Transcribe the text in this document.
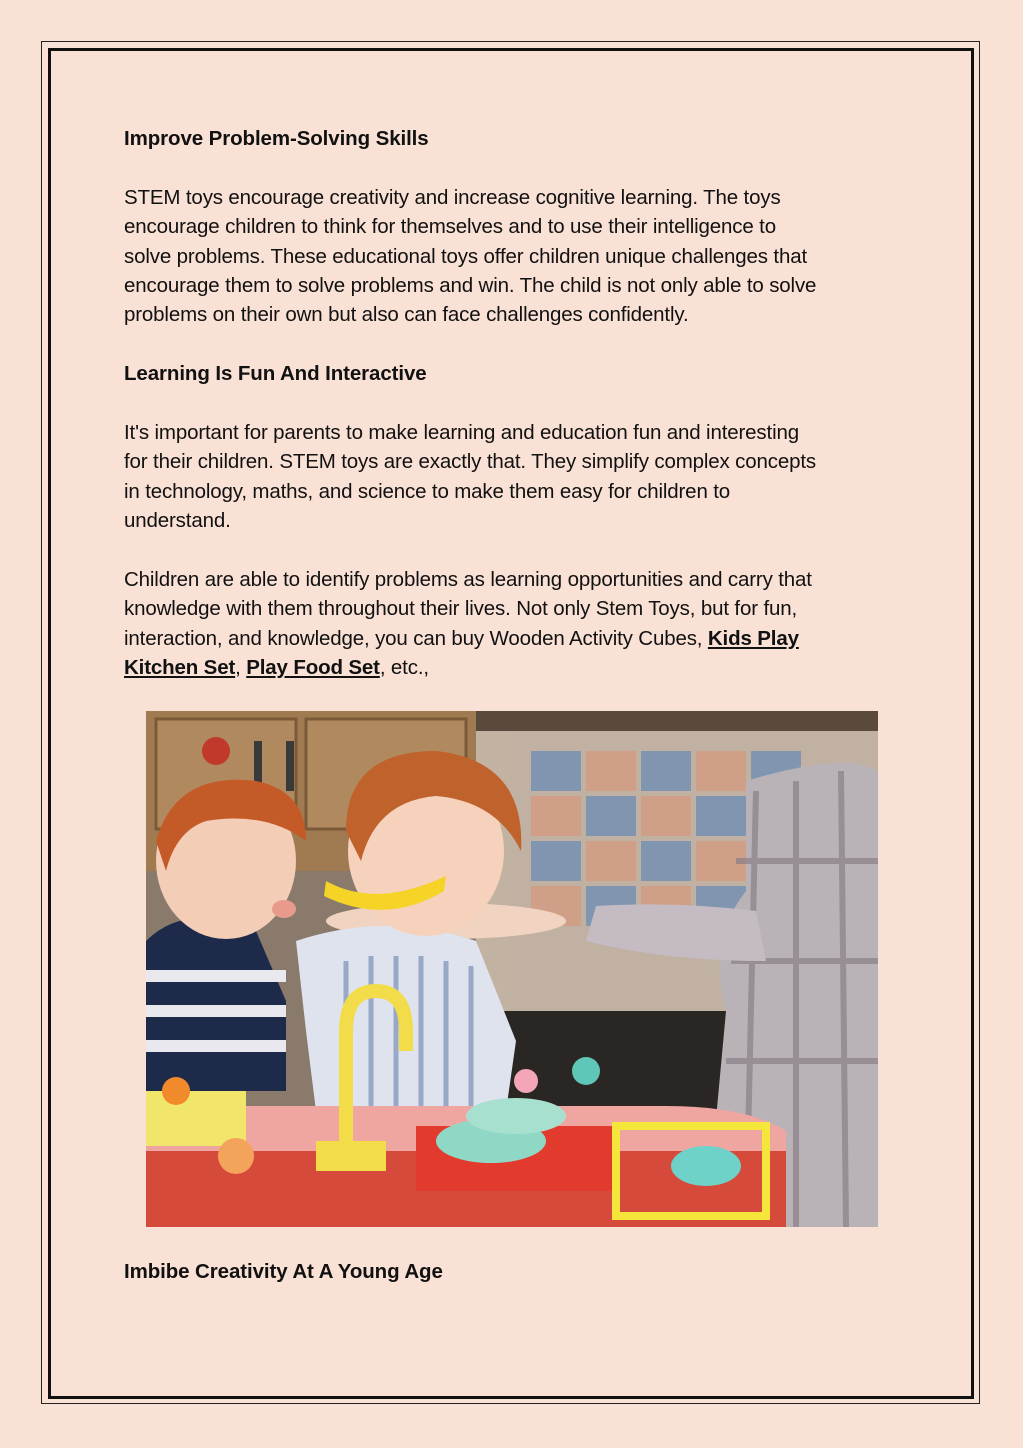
Improve Problem-Solving Skills

STEM toys encourage creativity and increase cognitive learning. The toys

encourage children to think for themselves and to use their intelligence to

solve problems. These educational toys offer children unique challenges that

encourage them to solve problems and win. The child is not only able to solve

problems on their own but also can face challenges confidently.

Learning Is Fun And Interactive

It's important for parents to make learning and education fun and interesting

for their children. STEM toys are exactly that. They simplify complex concepts

in technology, maths, and science to make them easy for children to

understand.

Children are able to identify problems as learning opportunities and carry that

knowledge with them throughout their lives. Not only Stem Toys, but for fun,

interaction, and knowledge, you can buy Wooden Activity Cubes, Kids Play

Kitchen Set, Play Food Set, etc.,

Imbibe Creativity At A Young Age
